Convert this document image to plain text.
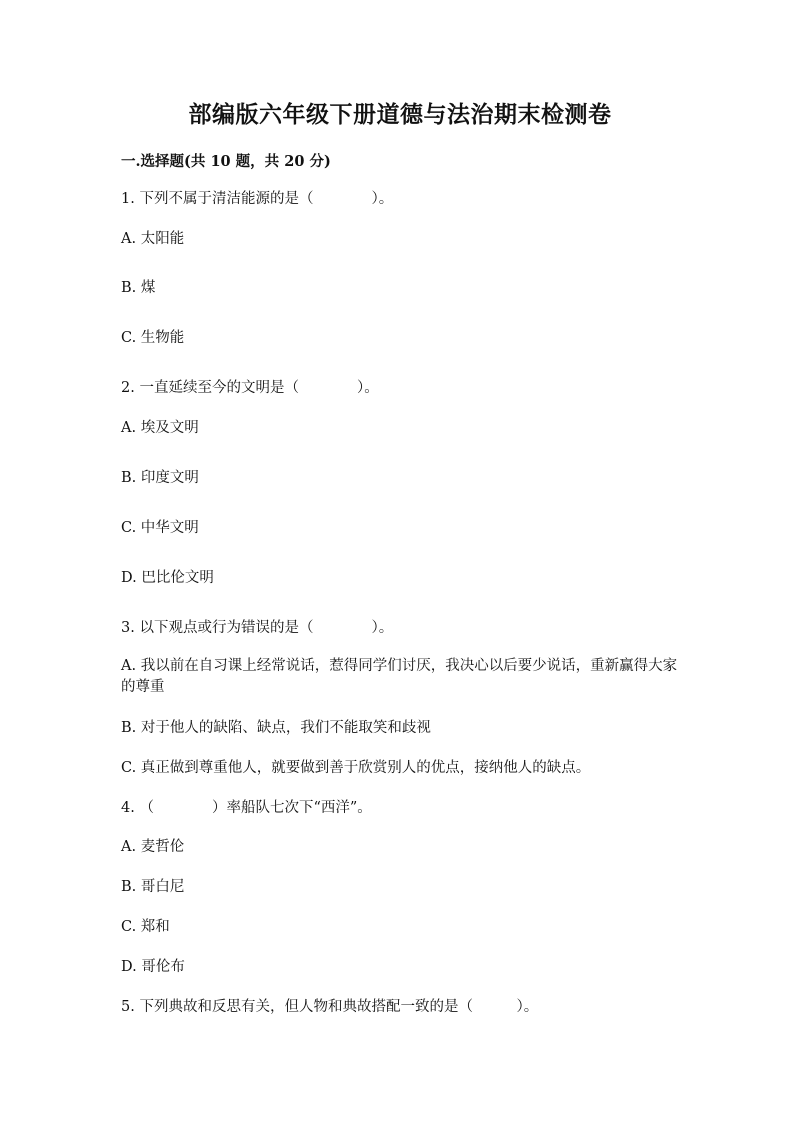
部编版六年级下册道德与法治期末检测卷
一.选择题(共 10 题，共 20 分)
1. 下列不属于清洁能源的是（　　　　）。
A. 太阳能
B. 煤
C. 生物能
2. 一直延续至今的文明是（　　　　）。
A. 埃及文明
B. 印度文明
C. 中华文明
D. 巴比伦文明
3. 以下观点或行为错误的是（　　　　）。
A. 我以前在自习课上经常说话，惹得同学们讨厌，我决心以后要少说话，重新赢得大家的尊重
B. 对于他人的缺陷、缺点，我们不能取笑和歧视
C. 真正做到尊重他人，就要做到善于欣赏别人的优点，接纳他人的缺点。
4. （　　　　）率船队七次下“西洋”。
A. 麦哲伦
B. 哥白尼
C. 郑和
D. 哥伦布
5. 下列典故和反思有关，但人物和典故搭配一致的是（　　　）。
